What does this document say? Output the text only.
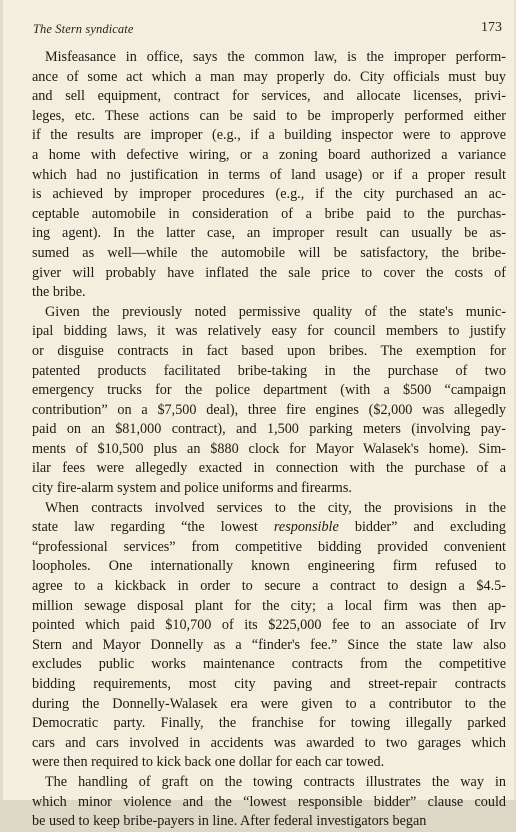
The Stern syndicate	173

Misfeasance in office, says the common law, is the improper perform-
ance of some act which a man may properly do. City officials must buy
and sell equipment, contract for services, and allocate licenses, privi-
leges, etc. These actions can be said to be improperly performed either
if the results are improper (e.g., if a building inspector were to approve
a home with defective wiring, or a zoning board authorized a variance
which had no justification in terms of land usage) or if a proper result
is achieved by improper procedures (e.g., if the city purchased an ac-
ceptable automobile in consideration of a bribe paid to the purchas-
ing agent). In the latter case, an improper result can usually be as-
sumed as well—while the automobile will be satisfactory, the bribe-
giver will probably have inflated the sale price to cover the costs of
the bribe.

Given the previously noted permissive quality of the state's munic-
ipal bidding laws, it was relatively easy for council members to justify
or disguise contracts in fact based upon bribes. The exemption for
patented products facilitated bribe-taking in the purchase of two
emergency trucks for the police department (with a $500 “campaign
contribution” on a $7,500 deal), three fire engines ($2,000 was allegedly
paid on an $81,000 contract), and 1,500 parking meters (involving pay-
ments of $10,500 plus an $880 clock for Mayor Walasek's home). Sim-
ilar fees were allegedly exacted in connection with the purchase of a
city fire-alarm system and police uniforms and firearms.

When contracts involved services to the city, the provisions in the
state law regarding “the lowest responsible bidder” and excluding
“professional services” from competitive bidding provided convenient
loopholes. One internationally known engineering firm refused to
agree to a kickback in order to secure a contract to design a $4.5-
million sewage disposal plant for the city; a local firm was then ap-
pointed which paid $10,700 of its $225,000 fee to an associate of Irv
Stern and Mayor Donnelly as a “finder's fee.” Since the state law also
excludes public works maintenance contracts from the competitive
bidding requirements, most city paving and street-repair contracts
during the Donnelly-Walasek era were given to a contributor to the
Democratic party. Finally, the franchise for towing illegally parked
cars and cars involved in accidents was awarded to two garages which
were then required to kick back one dollar for each car towed.

The handling of graft on the towing contracts illustrates the way in
which minor violence and the “lowest responsible bidder” clause could
be used to keep bribe-payers in line. After federal investigators began
